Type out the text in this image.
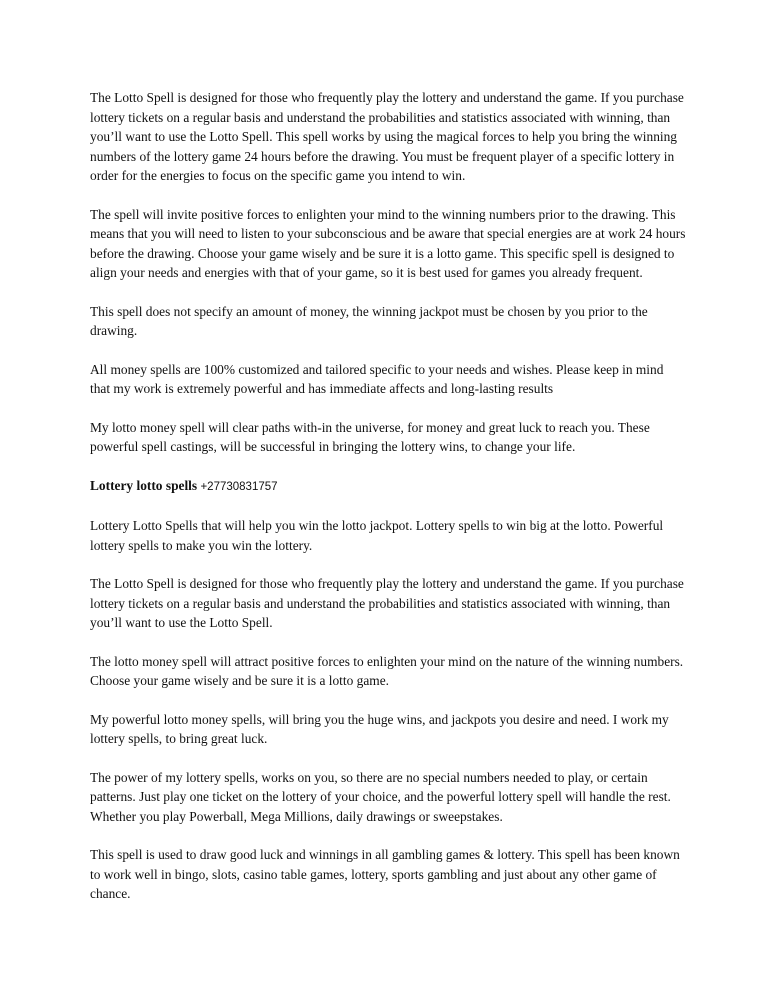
The Lotto Spell is designed for those who frequently play the lottery and understand the game. If you purchase lottery tickets on a regular basis and understand the probabilities and statistics associated with winning, than you’ll want to use the Lotto Spell. This spell works by using the magical forces to help you bring the winning numbers of the lottery game 24 hours before the drawing. You must be frequent player of a specific lottery in order for the energies to focus on the specific game you intend to win.

The spell will invite positive forces to enlighten your mind to the winning numbers prior to the drawing. This means that you will need to listen to your subconscious and be aware that special energies are at work 24 hours before the drawing. Choose your game wisely and be sure it is a lotto game. This specific spell is designed to align your needs and energies with that of your game, so it is best used for games you already frequent.

This spell does not specify an amount of money, the winning jackpot must be chosen by you prior to the drawing.

All money spells are 100% customized and tailored specific to your needs and wishes. Please keep in mind that my work is extremely powerful and has immediate affects and long-lasting results

My lotto money spell will clear paths with-in the universe, for money and great luck to reach you. These powerful spell castings, will be successful in bringing the lottery wins, to change your life.

Lottery lotto spells +27730831757

Lottery Lotto Spells that will help you win the lotto jackpot. Lottery spells to win big at the lotto. Powerful lottery spells to make you win the lottery.

The Lotto Spell is designed for those who frequently play the lottery and understand the game. If you purchase lottery tickets on a regular basis and understand the probabilities and statistics associated with winning, than you’ll want to use the Lotto Spell.

The lotto money spell will attract positive forces to enlighten your mind on the nature of the winning numbers. Choose your game wisely and be sure it is a lotto game.

My powerful lotto money spells, will bring you the huge wins, and jackpots you desire and need. I work my lottery spells, to bring great luck.

The power of my lottery spells, works on you, so there are no special numbers needed to play, or certain patterns. Just play one ticket on the lottery of your choice, and the powerful lottery spell will handle the rest. Whether you play Powerball, Mega Millions, daily drawings or sweepstakes.

This spell is used to draw good luck and winnings in all gambling games & lottery. This spell has been known to work well in bingo, slots, casino table games, lottery, sports gambling and just about any other game of chance.
